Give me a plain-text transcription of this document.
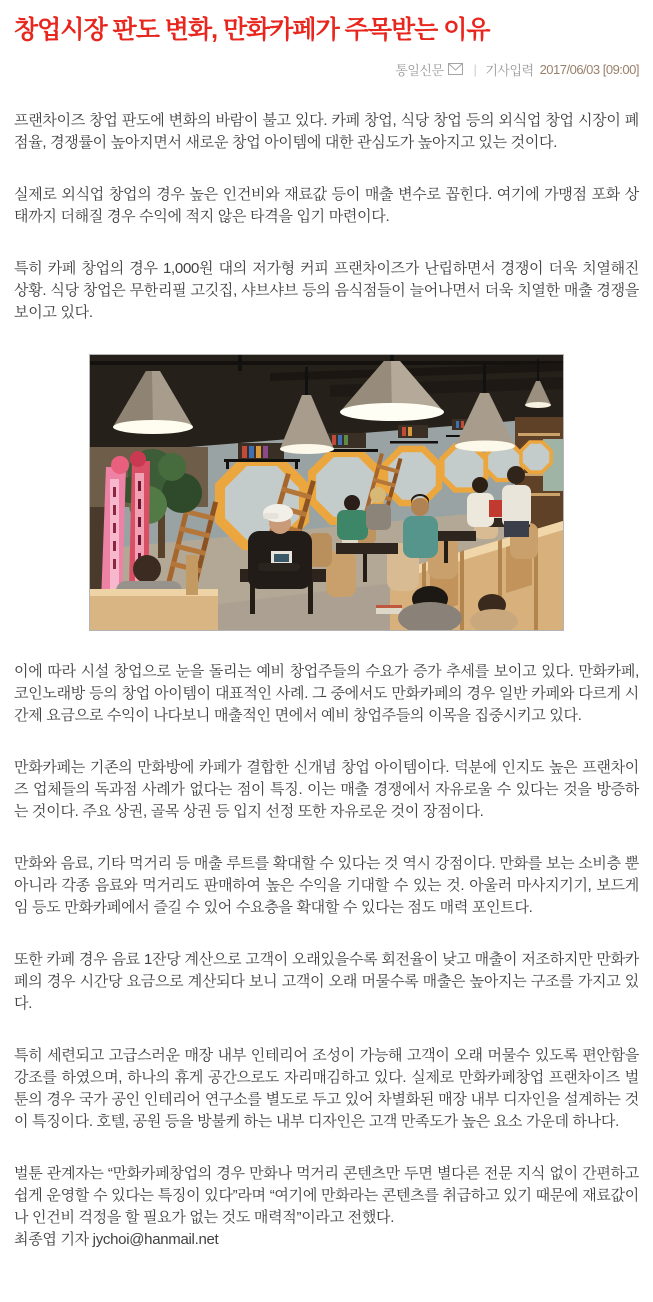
창업시장 판도 변화, 만화카페가 주목받는 이유
통일신문 | 기사입력 2017/06/03 [09:00]

프랜차이즈 창업 판도에 변화의 바람이 불고 있다. 카페 창업, 식당 창업 등의 외식업 창업 시장이 폐점율, 경쟁률이 높아지면서 새로운 창업 아이템에 대한 관심도가 높아지고 있는 것이다.

실제로 외식업 창업의 경우 높은 인건비와 재료값 등이 매출 변수로 꼽힌다. 여기에 가맹점 포화 상태까지 더해질 경우 수익에 적지 않은 타격을 입기 마련이다.

특히 카페 창업의 경우 1,000원 대의 저가형 커피 프랜차이즈가 난립하면서 경쟁이 더욱 치열해진 상황. 식당 창업은 무한리필 고깃집, 샤브샤브 등의 음식점들이 늘어나면서 더욱 치열한 매출 경쟁을 보이고 있다.

이에 따라 시설 창업으로 눈을 돌리는 예비 창업주들의 수요가 증가 추세를 보이고 있다. 만화카페, 코인노래방 등의 창업 아이템이 대표적인 사례. 그 중에서도 만화카페의 경우 일반 카페와 다르게 시간제 요금으로 수익이 나다보니 매출적인 면에서 예비 창업주들의 이목을 집중시키고 있다.

만화카페는 기존의 만화방에 카페가 결합한 신개념 창업 아이템이다. 덕분에 인지도 높은 프랜차이즈 업체들의 독과점 사례가 없다는 점이 특징. 이는 매출 경쟁에서 자유로울 수 있다는 것을 방증하는 것이다. 주요 상권, 골목 상권 등 입지 선정 또한 자유로운 것이 장점이다.

만화와 음료, 기타 먹거리 등 매출 루트를 확대할 수 있다는 것 역시 강점이다. 만화를 보는 소비층 뿐 아니라 각종 음료와 먹거리도 판매하여 높은 수익을 기대할 수 있는 것. 아울러 마사지기기, 보드게임 등도 만화카페에서 즐길 수 있어 수요층을 확대할 수 있다는 점도 매력 포인트다.

또한 카페 경우 음료 1잔당 계산으로 고객이 오래있을수록 회전율이 낮고 매출이 저조하지만 만화카페의 경우 시간당 요금으로 계산되다 보니 고객이 오래 머물수록 매출은 높아지는 구조를 가지고 있다.

특히 세련되고 고급스러운 매장 내부 인테리어 조성이 가능해 고객이 오래 머물수 있도록 편안함을 강조를 하였으며, 하나의 휴게 공간으로도 자리매김하고 있다. 실제로 만화카페창업 프랜차이즈 벌툰의 경우 국가 공인 인테리어 연구소를 별도로 두고 있어 차별화된 매장 내부 디자인을 설계하는 것이 특징이다. 호텔, 공원 등을 방불케 하는 내부 디자인은 고객 만족도가 높은 요소 가운데 하나다.

벌툰 관계자는 “만화카페창업의 경우 만화나 먹거리 콘텐츠만 두면 별다른 전문 지식 없이 간편하고 쉽게 운영할 수 있다는 특징이 있다”라며 “여기에 만화라는 콘텐츠를 취급하고 있기 때문에 재료값이나 인건비 걱정을 할 필요가 없는 것도 매력적”이라고 전했다.

최종엽 기자 jychoi@hanmail.net
